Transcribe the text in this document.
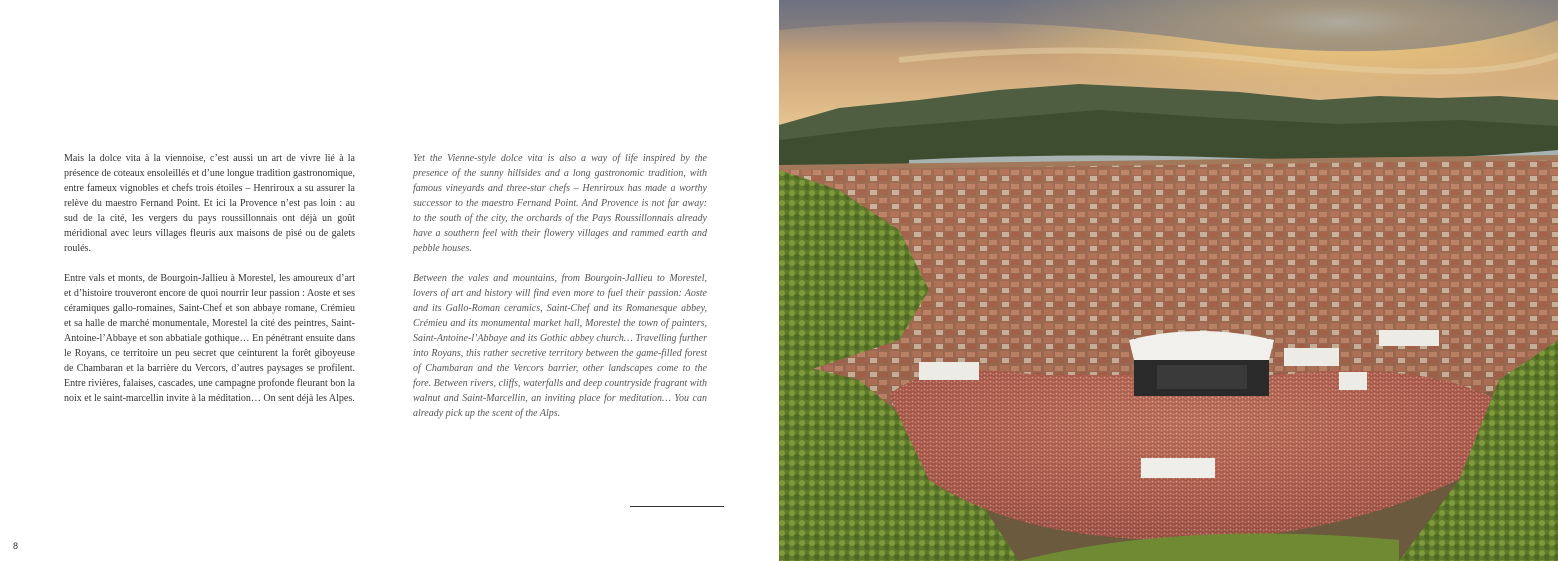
Mais la dolce vita à la viennoise, c’est aussi un art de vivre lié à la présence de coteaux ensoleillés et d’une longue tradition gastronomique, entre fameux vignobles et chefs trois étoiles – Henriroux a su assurer la relève du maestro Fernand Point. Et ici la Provence n’est pas loin : au sud de la cité, les vergers du pays roussillonnais ont déjà un goût méridional avec leurs villages fleuris aux maisons de pisé ou de galets roulés.

Entre vals et monts, de Bourgoin-Jallieu à Morestel, les amoureux d’art et d’histoire trouveront encore de quoi nourrir leur passion : Aoste et ses céramiques gallo-romaines, Saint-Chef et son abbaye romane, Crémieu et sa halle de marché monumentale, Morestel la cité des peintres, Saint-Antoine-l’Abbaye et son abbatiale gothique… En pénétrant ensuite dans le Royans, ce territoire un peu secret que ceinturent la forêt giboyeuse de Chambaran et la barrière du Vercors, d’autres paysages se profilent. Entre rivières, falaises, cascades, une campagne profonde fleurant bon la noix et le saint-marcellin invite à la méditation… On sent déjà les Alpes.

Yet the Vienne-style dolce vita is also a way of life inspired by the presence of the sunny hillsides and a long gastronomic tradition, with famous vineyards and three-star chefs – Henriroux has made a worthy successor to the maestro Fernand Point. And Provence is not far away: to the south of the city, the orchards of the Pays Roussillonnais already have a southern feel with their flowery villages and rammed earth and pebble houses.

Between the vales and mountains, from Bourgoin-Jallieu to Morestel, lovers of art and history will find even more to fuel their passion: Aoste and its Gallo-Roman ceramics, Saint-Chef and its Romanesque abbey, Crémieu and its monumental market hall, Morestel the town of painters, Saint-Antoine-l’Abbaye and its Gothic abbey church… Travelling further into Royans, this rather secretive territory between the game-filled forest of Chambaran and the Vercors barrier, other landscapes come to the fore. Between rivers, cliffs, waterfalls and deep countryside fragrant with walnut and Saint-Marcellin, an inviting place for meditation… You can already pick up the scent of the Alps.

8
